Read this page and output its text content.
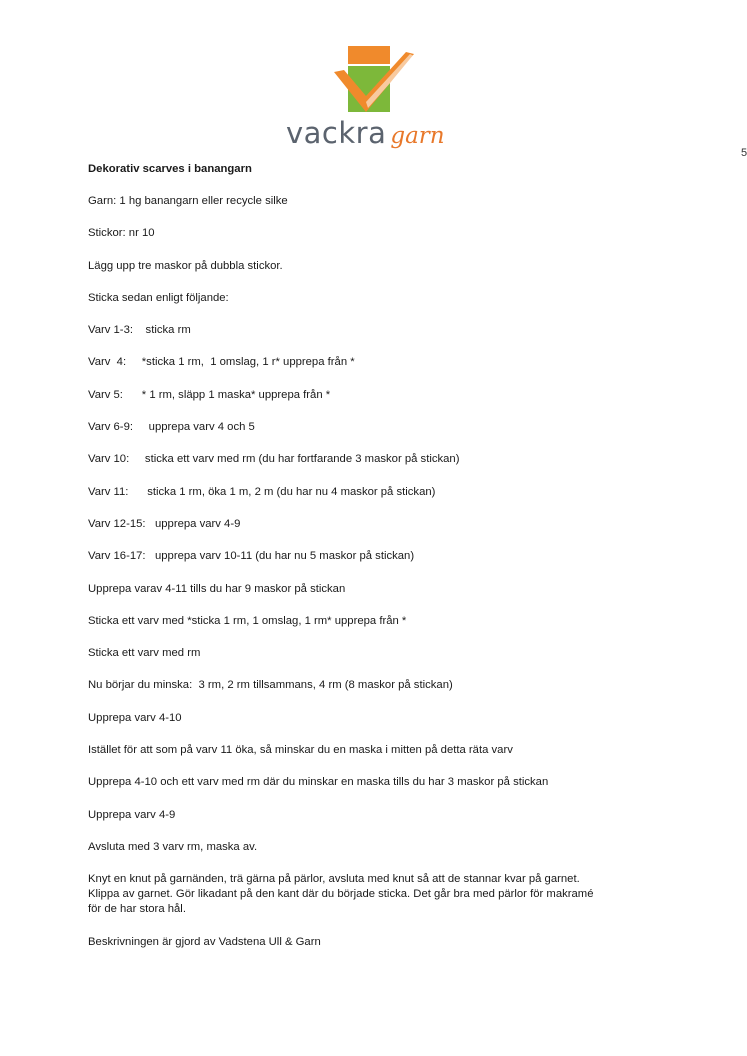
vackra garn
5

Dekorativ scarves i banangarn

Garn: 1 hg banangarn eller recycle silke

Stickor: nr 10

Lägg upp tre maskor på dubbla stickor.

Sticka sedan enligt följande:

Varv 1-3:    sticka rm

Varv  4:     *sticka 1 rm,  1 omslag, 1 r* upprepa från *

Varv 5:      * 1 rm, släpp 1 maska* upprepa från *

Varv 6-9:     upprepa varv 4 och 5

Varv 10:     sticka ett varv med rm (du har fortfarande 3 maskor på stickan)

Varv 11:      sticka 1 rm, öka 1 m, 2 m (du har nu 4 maskor på stickan)

Varv 12-15:   upprepa varv 4-9

Varv 16-17:   upprepa varv 10-11 (du har nu 5 maskor på stickan)

Upprepa varav 4-11 tills du har 9 maskor på stickan

Sticka ett varv med *sticka 1 rm, 1 omslag, 1 rm* upprepa från *

Sticka ett varv med rm

Nu börjar du minska:  3 rm, 2 rm tillsammans, 4 rm (8 maskor på stickan)

Upprepa varv 4-10

Istället för att som på varv 11 öka, så minskar du en maska i mitten på detta räta varv

Upprepa 4-10 och ett varv med rm där du minskar en maska tills du har 3 maskor på stickan

Upprepa varv 4-9

Avsluta med 3 varv rm, maska av.

Knyt en knut på garnänden, trä gärna på pärlor, avsluta med knut så att de stannar kvar på garnet.
Klippa av garnet. Gör likadant på den kant där du började sticka. Det går bra med pärlor för makramé
för de har stora hål.

Beskrivningen är gjord av Vadstena Ull & Garn
